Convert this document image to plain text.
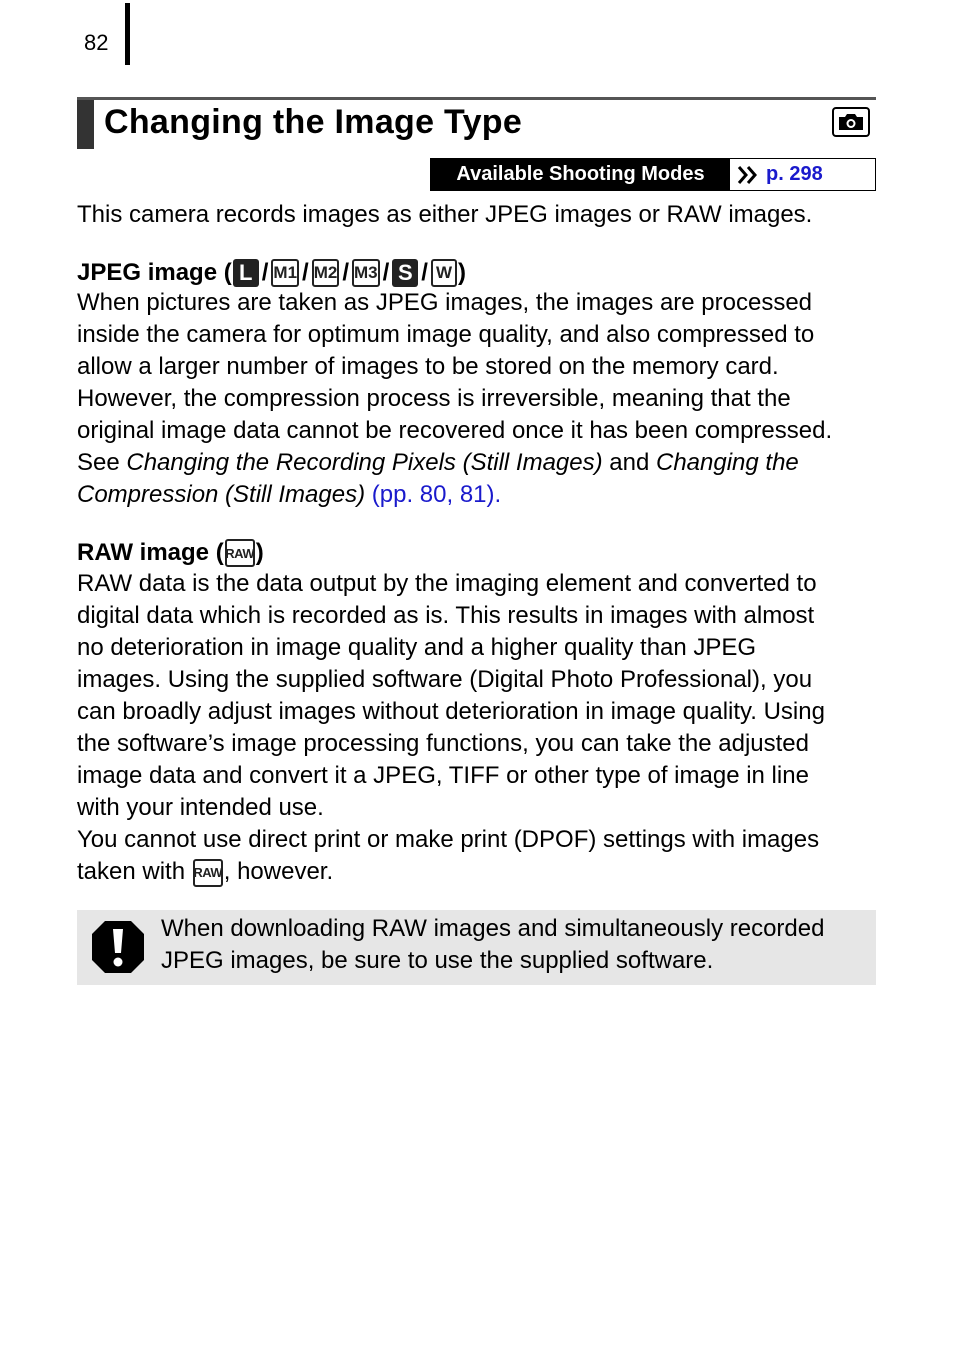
82
Changing the Image Type
Available Shooting Modes	p. 298
This camera records images as either JPEG images or RAW images.
JPEG image ( L / M1 / M2 / M3 / S / W )
When pictures are taken as JPEG images, the images are processed
inside the camera for optimum image quality, and also compressed to
allow a larger number of images to be stored on the memory card.
However, the compression process is irreversible, meaning that the
original image data cannot be recovered once it has been compressed.
See Changing the Recording Pixels (Still Images) and Changing the
Compression (Still Images) (pp. 80, 81).
RAW image ( RAW )
RAW data is the data output by the imaging element and converted to
digital data which is recorded as is. This results in images with almost
no deterioration in image quality and a higher quality than JPEG
images. Using the supplied software (Digital Photo Professional), you
can broadly adjust images without deterioration in image quality. Using
the software’s image processing functions, you can take the adjusted
image data and convert it a JPEG, TIFF or other type of image in line
with your intended use.
You cannot use direct print or make print (DPOF) settings with images
taken with RAW, however.
When downloading RAW images and simultaneously recorded
JPEG images, be sure to use the supplied software.
